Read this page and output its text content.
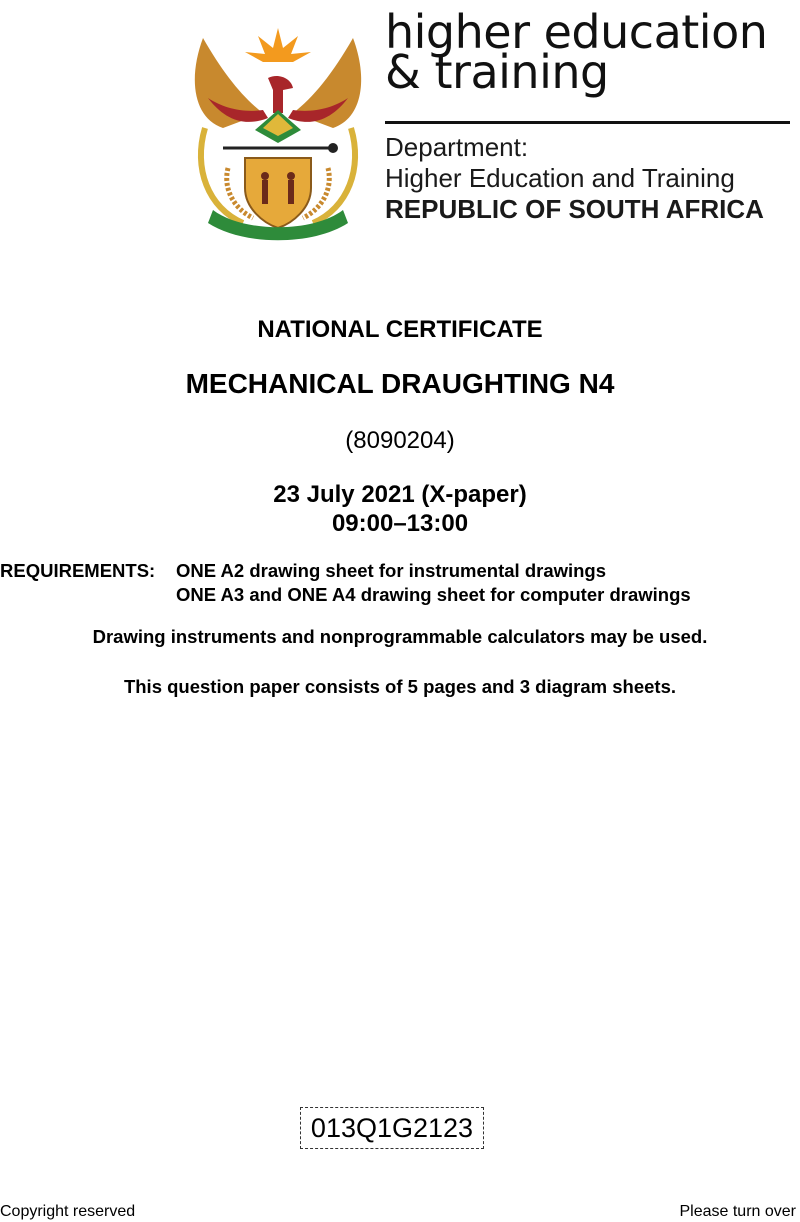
higher education
& training
Department:
Higher Education and Training
REPUBLIC OF SOUTH AFRICA
NATIONAL CERTIFICATE
MECHANICAL DRAUGHTING N4
(8090204)
23 July 2021 (X-paper)
09:00–13:00
REQUIREMENTS: ONE A2 drawing sheet for instrumental drawings
ONE A3 and ONE A4 drawing sheet for computer drawings
Drawing instruments and nonprogrammable calculators may be used.
This question paper consists of 5 pages and 3 diagram sheets.
013Q1G2123
Copyright reserved	Please turn over
